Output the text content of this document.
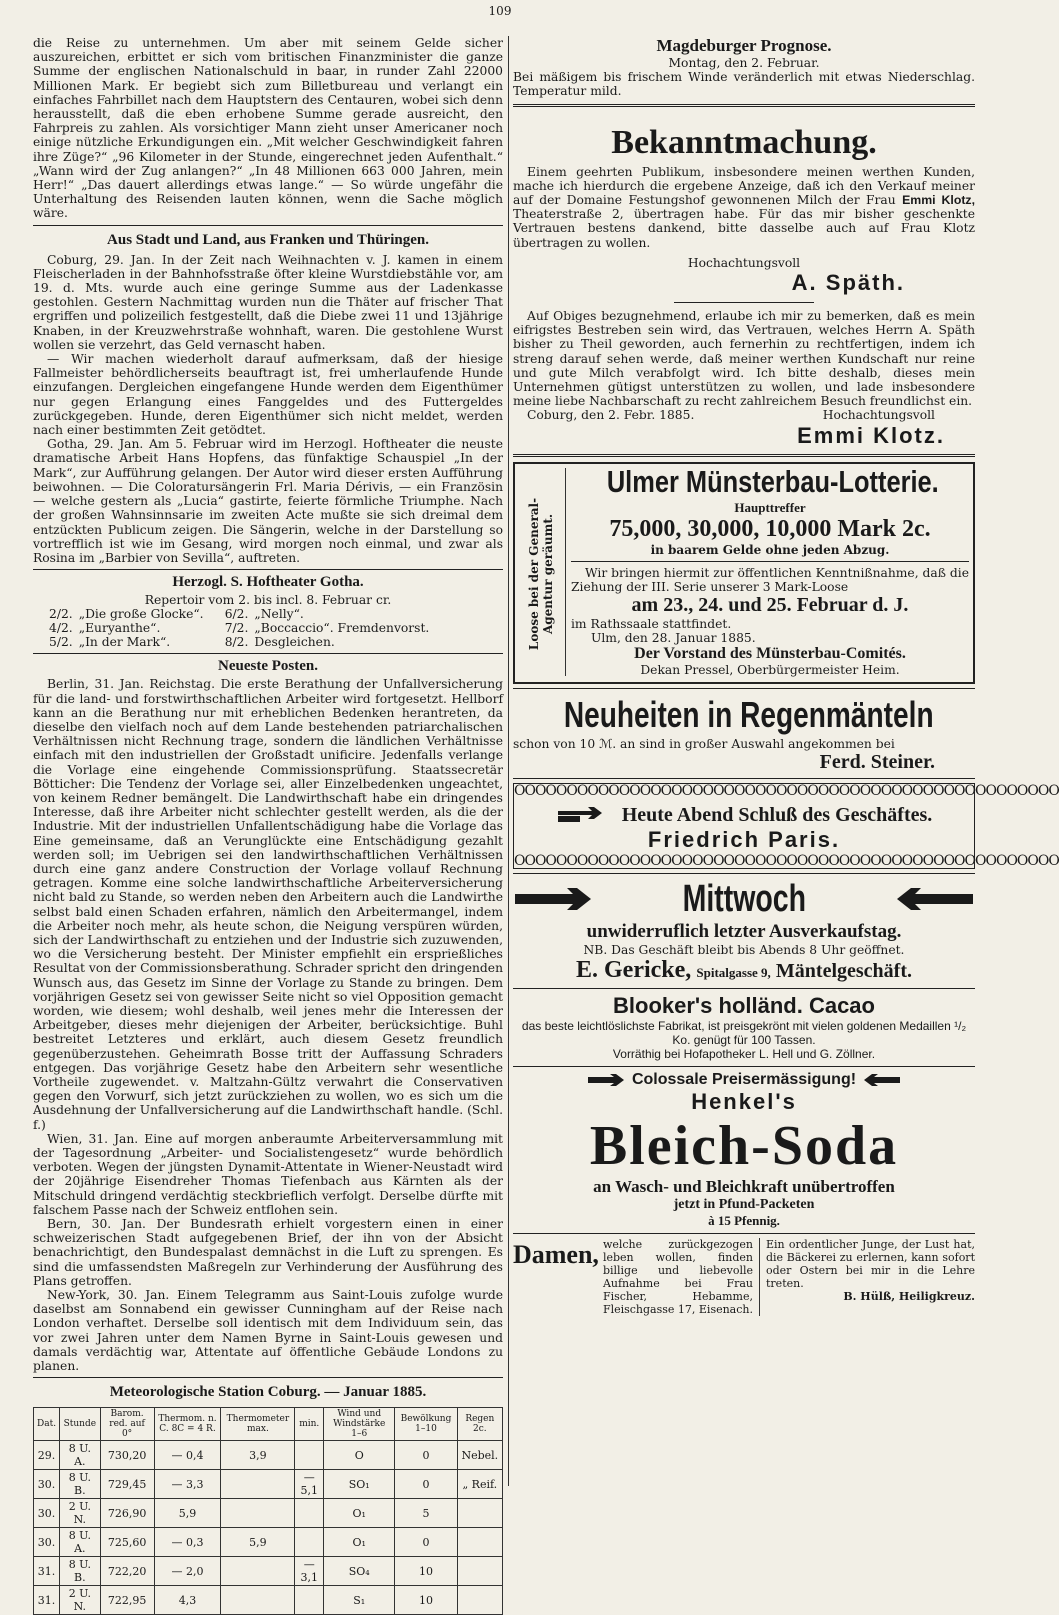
109

die Reise zu unternehmen. Um aber mit seinem Gelde sicher auszureichen, erbittet er sich vom britischen Finanzminister die ganze Summe der englischen Nationalschuld in baar, in runder Zahl 22000 Millionen Mark. Er begiebt sich zum Billetbureau und verlangt ein einfaches Fahrbillet nach dem Hauptstern des Centauren, wobei sich denn herausstellt, daß die eben erhobene Summe gerade ausreicht, den Fahrpreis zu zahlen. Als vorsichtiger Mann zieht unser Americaner noch einige nützliche Erkundigungen ein. „Mit welcher Geschwindigkeit fahren ihre Züge?“ „96 Kilometer in der Stunde, eingerechnet jeden Aufenthalt.“ „Wann wird der Zug anlangen?“ „In 48 Millionen 663 000 Jahren, mein Herr!“ „Das dauert allerdings etwas lange.“ — So würde ungefähr die Unterhaltung des Reisenden lauten können, wenn die Sache möglich wäre.

Aus Stadt und Land, aus Franken und Thüringen.

Coburg, 29. Jan. In der Zeit nach Weihnachten v. J. kamen in einem Fleischerladen in der Bahnhofsstraße öfter kleine Wurstdiebstähle vor, am 19. d. Mts. wurde auch eine geringe Summe aus der Ladenkasse gestohlen. Gestern Nachmittag wurden nun die Thäter auf frischer That ergriffen und polizeilich festgestellt, daß die Diebe zwei 11 und 13jährige Knaben, in der Kreuzwehrstraße wohnhaft, waren. Die gestohlene Wurst wollen sie verzehrt, das Geld vernascht haben.

— Wir machen wiederholt darauf aufmerksam, daß der hiesige Fallmeister behördlicherseits beauftragt ist, frei umherlaufende Hunde einzufangen. Dergleichen eingefangene Hunde werden dem Eigenthümer nur gegen Erlangung eines Fanggeldes und des Futtergeldes zurückgegeben. Hunde, deren Eigenthümer sich nicht meldet, werden nach einer bestimmten Zeit getödtet.

Gotha, 29. Jan. Am 5. Februar wird im Herzogl. Hoftheater die neuste dramatische Arbeit Hans Hopfens, das fünfaktige Schauspiel „In der Mark“, zur Aufführung gelangen. Der Autor wird dieser ersten Aufführung beiwohnen. — Die Coloratursängerin Frl. Maria Dérivis, — ein Französin — welche gestern als „Lucia“ gastirte, feierte förmliche Triumphe. Nach der großen Wahnsinnsarie im zweiten Acte mußte sie sich dreimal dem entzückten Publicum zeigen. Die Sängerin, welche in der Darstellung so vortrefflich ist wie im Gesang, wird morgen noch einmal, und zwar als Rosina im „Barbier von Sevilla“, auftreten.

Herzogl. S. Hoftheater Gotha.
Repertoir vom 2. bis incl. 8. Februar cr.
2/2.	„Die große Glocke“.	6/2.	„Nelly“.
4/2.	„Euryanthe“.	7/2.	„Boccaccio“. Fremdenvorst.
5/2.	„In der Mark“.	8/2.	Desgleichen.
Neueste Posten.

Berlin, 31. Jan. Reichstag. Die erste Berathung der Unfallversicherung für die land- und forstwirthschaftlichen Arbeiter wird fortgesetzt. Hellborf kann an die Berathung nur mit erheblichen Bedenken herantreten, da dieselbe den vielfach noch auf dem Lande bestehenden patriarchalischen Verhältnissen nicht Rechnung trage, sondern die ländlichen Verhältnisse einfach mit den industriellen der Großstadt unificire. Jedenfalls verlange die Vorlage eine eingehende Commissionsprüfung. Staatssecretär Bötticher: Die Tendenz der Vorlage sei, aller Einzelbedenken ungeachtet, von keinem Redner bemängelt. Die Landwirthschaft habe ein dringendes Interesse, daß ihre Arbeiter nicht schlechter gestellt werden, als die der Industrie. Mit der industriellen Unfallentschädigung habe die Vorlage das Eine gemeinsame, daß an Verunglückte eine Entschädigung gezahlt werden soll; im Uebrigen sei den landwirthschaftlichen Verhältnissen durch eine ganz andere Construction der Vorlage vollauf Rechnung getragen. Komme eine solche landwirthschaftliche Arbeiterversicherung nicht bald zu Stande, so werden neben den Arbeitern auch die Landwirthe selbst bald einen Schaden erfahren, nämlich den Arbeitermangel, indem die Arbeiter noch mehr, als heute schon, die Neigung verspüren würden, sich der Landwirthschaft zu entziehen und der Industrie sich zuzuwenden, wo die Versicherung besteht. Der Minister empfiehlt ein ersprießliches Resultat von der Commissionsberathung. Schrader spricht den dringenden Wunsch aus, das Gesetz im Sinne der Vorlage zu Stande zu bringen. Dem vorjährigen Gesetz sei von gewisser Seite nicht so viel Opposition gemacht worden, wie diesem; wohl deshalb, weil jenes mehr die Interessen der Arbeitgeber, dieses mehr diejenigen der Arbeiter, berücksichtige. Buhl bestreitet Letzteres und erklärt, auch diesem Gesetz freundlich gegenüberzustehen. Geheimrath Bosse tritt der Auffassung Schraders entgegen. Das vorjährige Gesetz habe den Arbeitern sehr wesentliche Vortheile zugewendet. v. Maltzahn-Gültz verwahrt die Conservativen gegen den Vorwurf, sich jetzt zurückziehen zu wollen, wo es sich um die Ausdehnung der Unfallversicherung auf die Landwirthschaft handle. (Schl. f.)

Wien, 31. Jan. Eine auf morgen anberaumte Arbeiterversammlung mit der Tagesordnung „Arbeiter- und Socialistengesetz“ wurde behördlich verboten. Wegen der jüngsten Dynamit-Attentate in Wiener-Neustadt wird der 20jährige Eisendreher Thomas Tiefenbach aus Kärnten als der Mitschuld dringend verdächtig steckbrieflich verfolgt. Derselbe dürfte mit falschem Passe nach der Schweiz entflohen sein.

Bern, 30. Jan. Der Bundesrath erhielt vorgestern einen in einer schweizerischen Stadt aufgegebenen Brief, der ihn von der Absicht benachrichtigt, den Bundespalast demnächst in die Luft zu sprengen. Es sind die umfassendsten Maßregeln zur Verhinderung der Ausführung des Plans getroffen.

New-York, 30. Jan. Einem Telegramm aus Saint-Louis zufolge wurde daselbst am Sonnabend ein gewisser Cunningham auf der Reise nach London verhaftet. Derselbe soll identisch mit dem Individuum sein, das vor zwei Jahren unter dem Namen Byrne in Saint-Louis gewesen und damals verdächtig war, Attentate auf öffentliche Gebäude Londons zu planen.

Meteorologische Station Coburg. — Januar 1885.
Dat.	Stunde	Barom. red. auf 0°	Thermom. n. C. 8C = 4 R.	Thermometer max.	min.	Wind und Windstärke 1–6	Bewölkung 1–10	Regen 2c.
29.	8 U. A.	730,20	— 0,4	3,9		O	0	Nebel.
30.	8 U. B.	729,45	— 3,3		—5,1	SO₁	0	„ Reif.
30.	2 U. N.	726,90	5,9			O₁	5	
30.	8 U. A.	725,60	— 0,3	5,9		O₁	0	
31.	8 U. B.	722,20	— 2,0		—3,1	SO₄	10	
31.	2 U. N.	722,95	4,3			S₁	10	
Magdeburger Prognose.
Montag, den 2. Februar.

Bei mäßigem bis frischem Winde veränderlich mit etwas Niederschlag. Temperatur mild.

Bekanntmachung.

Einem geehrten Publikum, insbesondere meinen werthen Kunden, mache ich hierdurch die ergebene Anzeige, daß ich den Verkauf meiner auf der Domaine Festungshof gewonnenen Milch der Frau Emmi Klotz, Theaterstraße 2, übertragen habe. Für das mir bisher geschenkte Vertrauen bestens dankend, bitte dasselbe auch auf Frau Klotz übertragen zu wollen.

Hochachtungsvoll
A. Späth.

Auf Obiges bezugnehmend, erlaube ich mir zu bemerken, daß es mein eifrigstes Bestreben sein wird, das Vertrauen, welches Herrn A. Späth bisher zu Theil geworden, auch fernerhin zu rechtfertigen, indem ich streng darauf sehen werde, daß meiner werthen Kundschaft nur reine und gute Milch verabfolgt wird. Ich bitte deshalb, dieses mein Unternehmen gütigst unterstützen zu wollen, und lade insbesondere meine liebe Nachbarschaft zu recht zahlreichem Besuch freundlichst ein.

Coburg, den 2. Febr. 1885.	Hochachtungsvoll
Emmi Klotz.
Loose bei der General-Agentur geräumt.
Ulmer Münsterbau-Lotterie.
Haupttreffer
75,000, 30,000, 10,000 Mark 2c.
in baarem Gelde ohne jeden Abzug.

Wir bringen hiermit zur öffentlichen Kenntnißnahme, daß die Ziehung der III. Serie unserer 3 Mark-Loose

am 23., 24. und 25. Februar d. J.
im Rathssaale stattfindet.
Ulm, den 28. Januar 1885.
Der Vorstand des Münsterbau-Comités.
Dekan Pressel, Oberbürgermeister Heim.
Neuheiten in Regenmänteln
schon von 10 ℳ. an sind in großer Auswahl angekommen bei
Ferd. Steiner.
OOOOOOOOOOOOOOOOOOOOOOOOOOOOOOOOOOOOOOOOOOOOOOOOOOOO
Heute Abend Schluß des Geschäftes.
Friedrich Paris.
OOOOOOOOOOOOOOOOOOOOOOOOOOOOOOOOOOOOOOOOOOOOOOOOOOOO
Mittwoch
unwiderruflich letzter Ausverkaufstag.
NB. Das Geschäft bleibt bis Abends 8 Uhr geöffnet.
E. Gericke, Spitalgasse 9, Mäntelgeschäft.
Blooker's holländ. Cacao

das beste leichtlöslichste Fabrikat, ist preisgekrönt mit vielen goldenen Medaillen ¹/₂ Ko. genügt für 100 Tassen.

Vorräthig bei Hofapotheker L. Hell und G. Zöllner.
Colossale Preisermässigung!
Henkel's
Bleich-Soda
an Wasch- und Bleichkraft unübertroffen
jetzt in Pfund-Packeten
à 15 Pfennig.
Damen, welche zurückgezogen leben wollen, finden billige und liebevolle Aufnahme bei Frau Fischer, Hebamme, Fleischgasse 17, Eisenach.

Ein ordentlicher Junge, der Lust hat, die Bäckerei zu erlernen, kann sofort oder Ostern bei mir in die Lehre treten.

B. Hülß, Heiligkreuz.
